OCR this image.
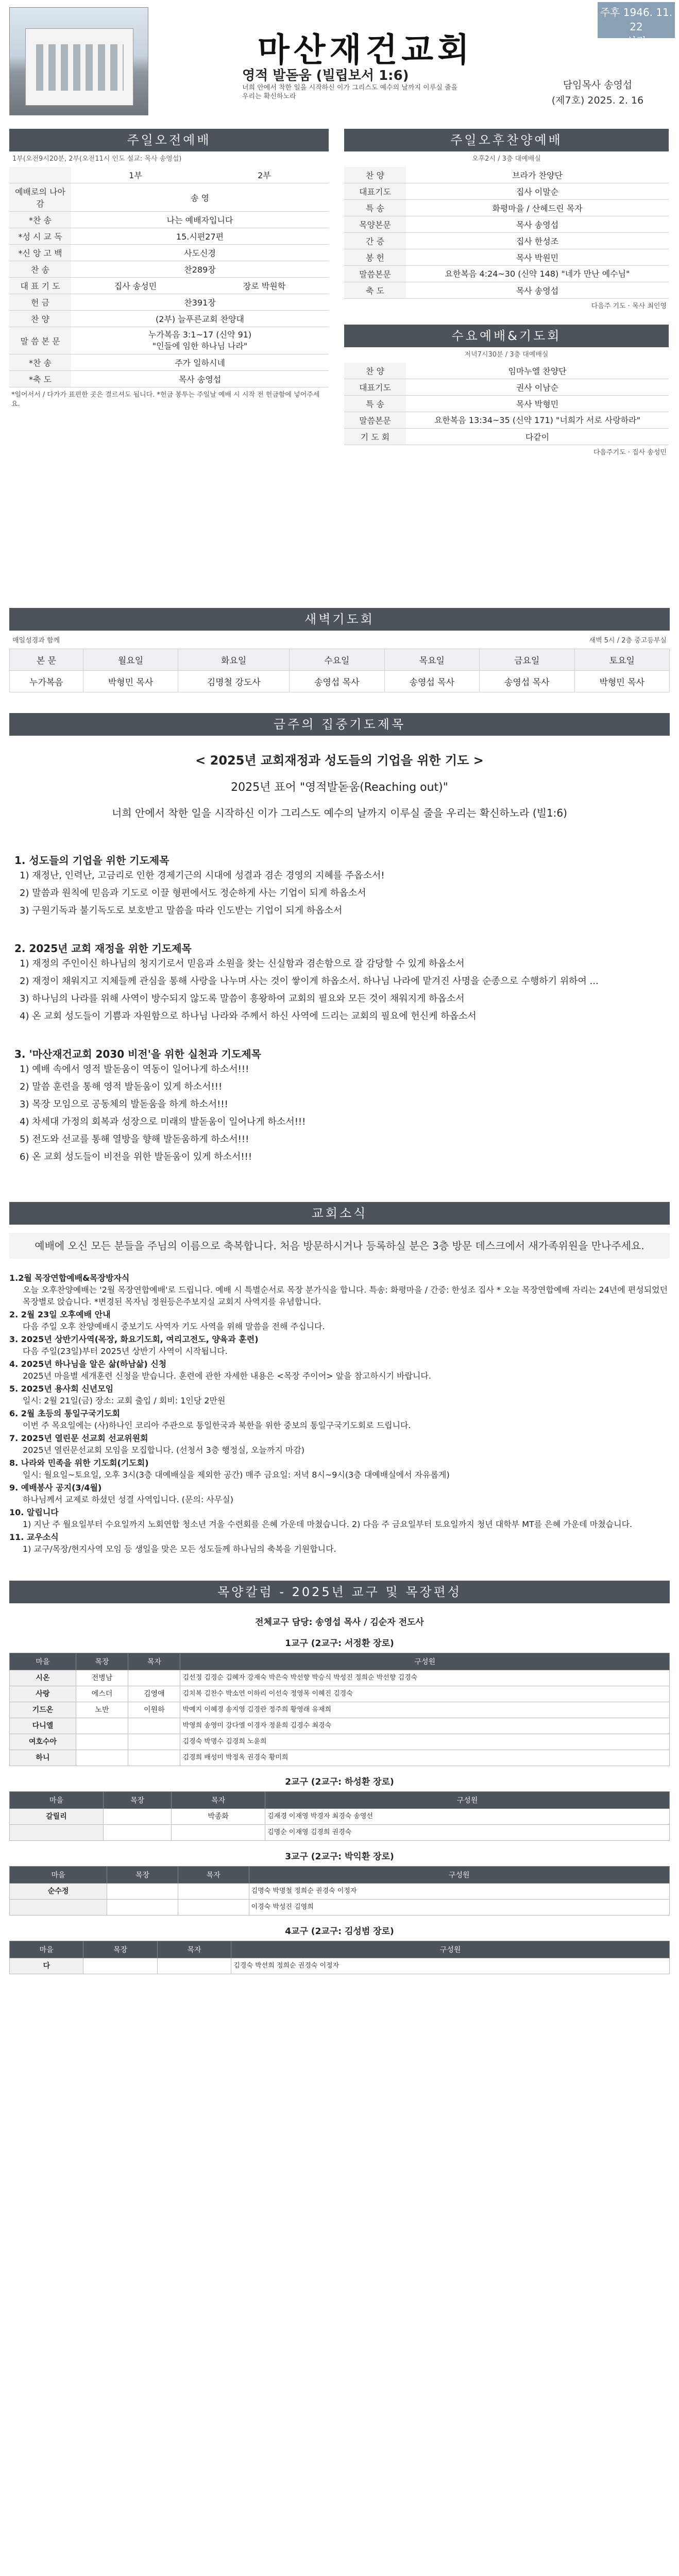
마산재건교회
영적 발돋움 (빌립보서 1:6)
너희 안에서 착한 일을 시작하신 이가 그리스도 예수의 날까지 이루실 줄을 우리는 확신하노라
주후 1946. 11. 22
설립
담임목사 송영섭
(제7호) 2025. 2. 16
주일오전예배
1부(오전9시20분, 2부(오전11시 인도 설교: 목사 송영섭)
	1부	2부
예배로의 나아감	송 영	
*찬 송	나는 예배자입니다	
*성 시 교 독	15.시편27편	
*신 앙 고 백	사도신경	
찬 송	찬289장	
대 표 기 도	집사 송성민	장로 박원학
헌 금	찬391장	
찬 양	(2부) 늘푸른교회 찬양대	
말 씀 본 문	누가복음 3:1~17 (신약 91)
"인들에 임한 하나님 나라"	

*찬 송	주가 일하시네	
*축 도	목사 송영섭	
*일어서서 / 다가가 표편한 곳은 결르셔도 됩니다. *헌금 봉투는 주일날 예배 시 시작 전 헌금함에 넣어주세요.
주일오후찬양예배
오후2시 / 3층 대예배실
찬 양	브라가 찬양단
대표기도	집사 이말순
특 송	화평마을 / 산헤드린 목자
목양본문	목사 송영섭
간 증	집사 한성조
봉 헌	목사 박원민
말씀본문	요한복음 4:24~30 (신약 148) "네가 만난 예수님"
축 도	목사 송영섭
다음주 기도 · 목사 최인영
수요예배&기도회
저녁7시30분 / 3층 대예배실
찬 양	임마누엘 찬양단
대표기도	권사 이남순
특 송	목사 박형민
말씀본문	요한복음 13:34~35 (신약 171) "너희가 서로 사랑하라"
기 도 회	다같이
다음주기도 · 집사 송성민
새벽기도회
매일성경과 함께	새벽 5시 / 2층 중고등부실
본 문	월요일	화요일	수요일	목요일	금요일	토요일
누가복음	박형민 목사	김명철 강도사	송영섭 목사	송영섭 목사	송영섭 목사	박형민 목사
금주의 집중기도제목
< 2025년 교회재정과 성도들의 기업을 위한 기도 >
2025년 표어 "영적발돋움(Reaching out)"
너희 안에서 착한 일을 시작하신 이가 그리스도 예수의 날까지 이루실 줄을 우리는 확신하노라 (빌1:6)
1. 성도들의 기업을 위한 기도제목
1) 재정난, 인력난, 고금리로 인한 경제기근의 시대에 성결과 겸손 경영의 지혜를 주옵소서!
2) 말씀과 원칙에 믿음과 기도로 이끌 형편에서도 정순하게 사는 기업이 되게 하옵소서
3) 구원기독과 불기독도로 보호받고 말씀을 따라 인도받는 기업이 되게 하옵소서
2. 2025년 교회 재정을 위한 기도제목
1) 재정의 주인이신 하나님의 청지기로서 믿음과 소원을 찾는 신실함과 겸손함으로 잘 감당할 수 있게 하옵소서
2) 재정이 채워지고 지체들께 관심을 통해 사랑을 나누며 사는 것이 쌓이게 하옵소서. 하나님 나라에 맡겨진 사명을 순종으로 수행하기 위하여 ...
3) 하나님의 나라를 위해 사역이 방수되지 않도록 말씀이 흥왕하여 교회의 필요와 모든 것이 채워지게 하옵소서
4) 온 교회 성도들이 기쁨과 자원함으로 하나님 나라와 주께서 하신 사역에 드리는 교회의 필요에 헌신케 하옵소서
3. '마산재건교회 2030 비전'을 위한 실천과 기도제목
1) 예배 속에서 영적 발돋움이 역동이 일어나게 하소서!!!
2) 말씀 훈련을 통해 영적 발돋움이 있게 하소서!!!
3) 목장 모임으로 공동체의 발돋움을 하게 하소서!!!
4) 차세대 가정의 회복과 성장으로 미래의 발돋움이 일어나게 하소서!!!
5) 전도와 선교를 통해 열방을 향해 발돋움하게 하소서!!!
6) 온 교회 성도들이 비전을 위한 발돋움이 있게 하소서!!!
교회소식
예배에 오신 모든 분들을 주님의 이름으로 축복합니다. 처음 방문하시거나 등록하실 분은 3층 방문 데스크에서 새가족위원을 만나주세요.
1.2월 목장연합예배&목장방자식
오늘 오후찬양예배는 '2월 목장연합예배'로 드립니다. 예배 시 특별순서로 목장 분가식을 합니다. 특송: 화평마을 / 간증: 한성조 집사 * 오늘 목장연합예배 자리는 24년에 편성되었던 목장별로 앉습니다. *변경된 목자님 정원등은주보지실 교회지 사역지를 유념합니다.
2. 2월 23일 오후예배 안내
다음 주일 오후 찬양예배시 중보기도 사역자 기도 사역을 위해 말씀을 전해 주십니다.
3. 2025년 상반기사역(목장, 화요기도회, 여리고전도, 양육과 훈련)
다음 주일(23일)부터 2025년 상반기 사역이 시작됩니다.
4. 2025년 하나님을 알은 삶(하남삶) 신청
2025년 마을별 세개훈련 신청을 받습니다. 훈련에 관한 자세한 내용은 <목장 주이어> 앞을 참고하시기 바랍니다.
5. 2025년 용사회 신년모임
일시: 2월 21일(금) 장소: 교회 출입 / 회비: 1인당 2만원
6. 2월 초등의 통일구국기도회
이번 주 목요일에는 (사)하나인 코리아 주관으로 통일한국과 북한을 위한 중보의 통일구국기도회로 드립니다.
7. 2025년 열린문 선교회 선교위원회
2025년 열린문선교회 모임을 모집합니다. (선청서 3층 행정실, 오늘까지 마감)
8. 나라와 민족을 위한 기도회(기도회)
일시: 월요일~토요일, 오후 3시(3층 대예배실을 제외한 공간) 매주 금요일: 저녁 8시~9시(3층 대예배실에서 자유롭게)
9. 예배봉사 공지(3/4월)
하나님께서 교제로 하셨던 성결 사역입니다. (문의: 사무실)
10. 알립니다
1) 지난 주 월요일부터 수요일까지 노회연합 청소년 겨울 수련회를 은혜 가운데 마쳤습니다. 2) 다음 주 금요일부터 토요일까지 청년 대학부 MT를 은혜 가운데 마쳤습니다.
11. 교우소식
1) 교구/목장/현지사역 모임 등 생일을 맞은 모든 성도들께 하나님의 축복을 기원합니다.
목양칼럼 - 2025년 교구 및 목장편성
전체교구 담당: 송영섭 목사 / 김순자 전도사
1교구 (2교구: 서정환 장로)
마을	목장	목자	구성원
시온	전병남		김선정 김경순 김혜자 강재숙 박은숙 박선향 박승식 박성진 정희순 박선향 김경숙
사랑	에스더	김영애	김치복 김찬수 박소연 이하리 이선숙 정영목 이혜진 김경숙
기드온	노반	이원하	박예지 이혜경 송지영 김경란 정주희 황영래 유재희
다니엘			박영희 송영미 강다엘 이경자 정윤희 김경수 최경숙
여호수아			김경숙 박명수 김경희 노윤희
하니			김경희 배성미 박정옥 권경숙 황미희
2교구 (2교구: 하성환 장로)
마을	목장	목자	구성원
갈릴리		박종화	김재경 이재영 박경자 최경숙 송영선
			김명순 이재영 김경희 권경숙
3교구 (2교구: 박익환 장로)
마을	목장	목자	구성원
순수정			김명숙 박명철 정희순 권경숙 이정자
			이경숙 박성진 김영희
4교구 (2교구: 김성범 장로)
마을	목장	목자	구성원
다			김경숙 박선희 정희순 권경숙 이정자
